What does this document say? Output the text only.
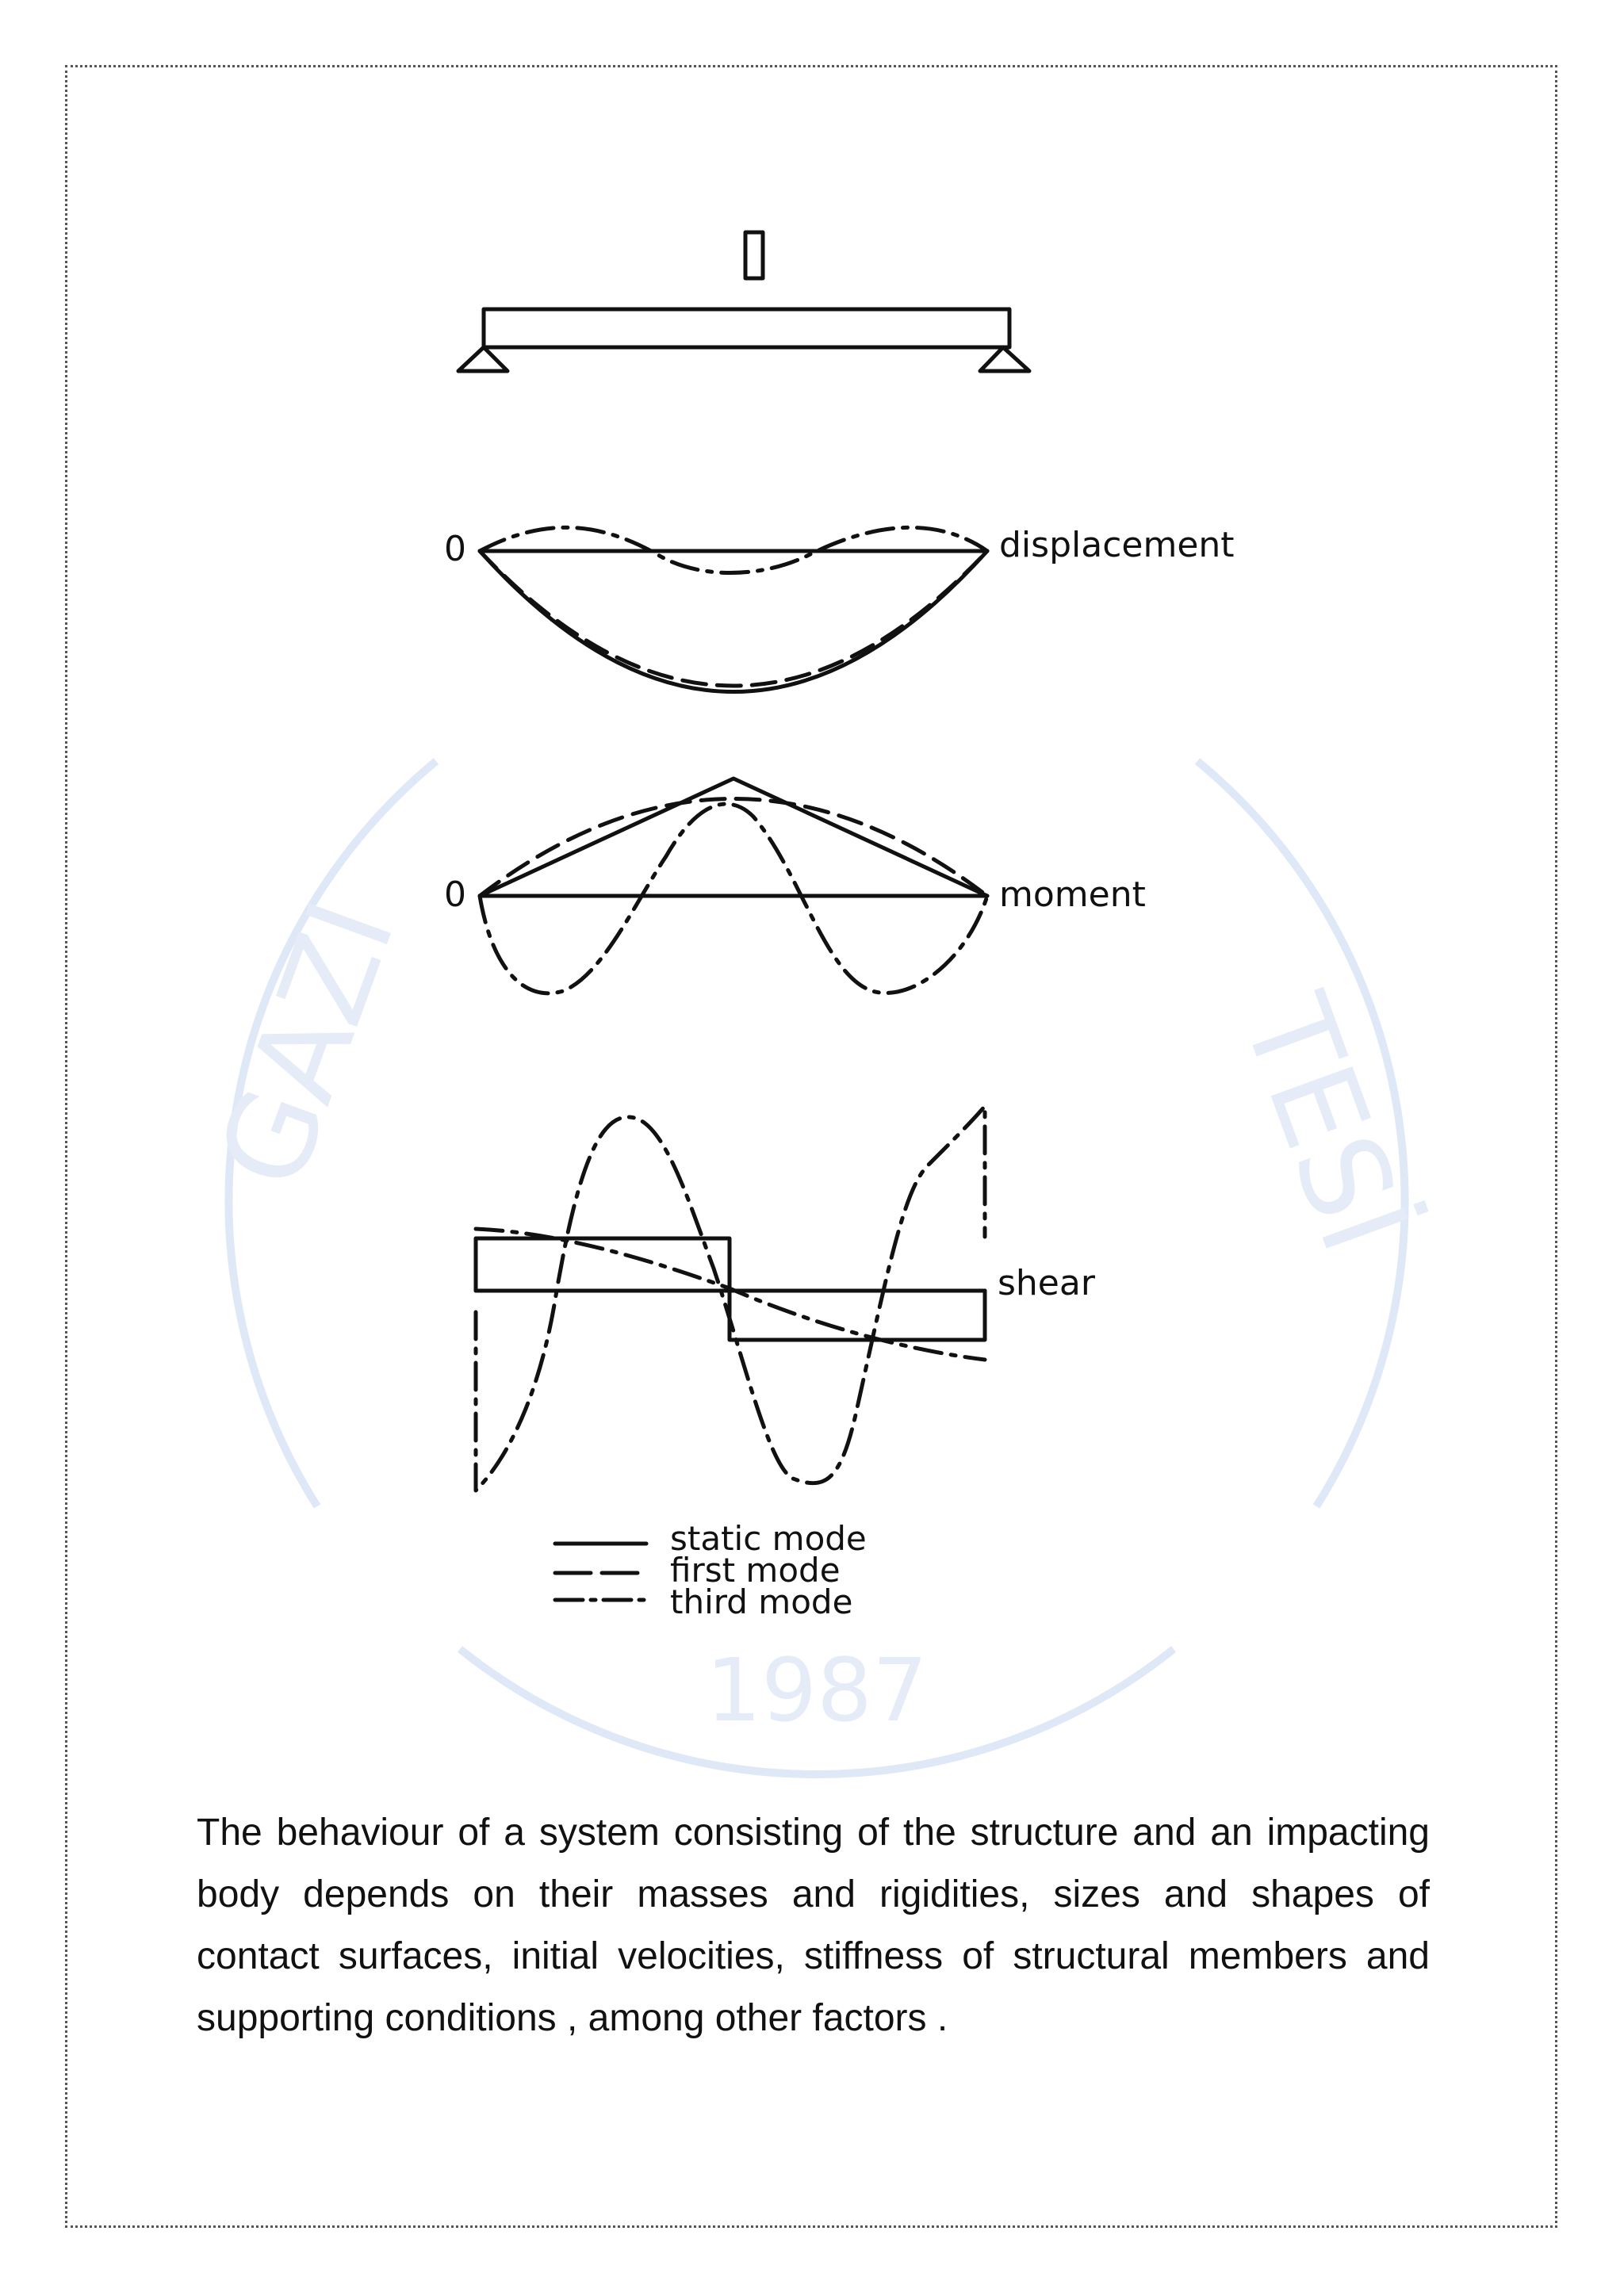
GAZI	TESİ
1987
0	displacement
0	moment
shear
static mode
first mode
third mode

The behaviour of a system consisting of the structure and an impacting body depends on their masses and rigidities, sizes and shapes of contact surfaces, initial velocities, stiffness of structural members and supporting conditions , among other factors .
